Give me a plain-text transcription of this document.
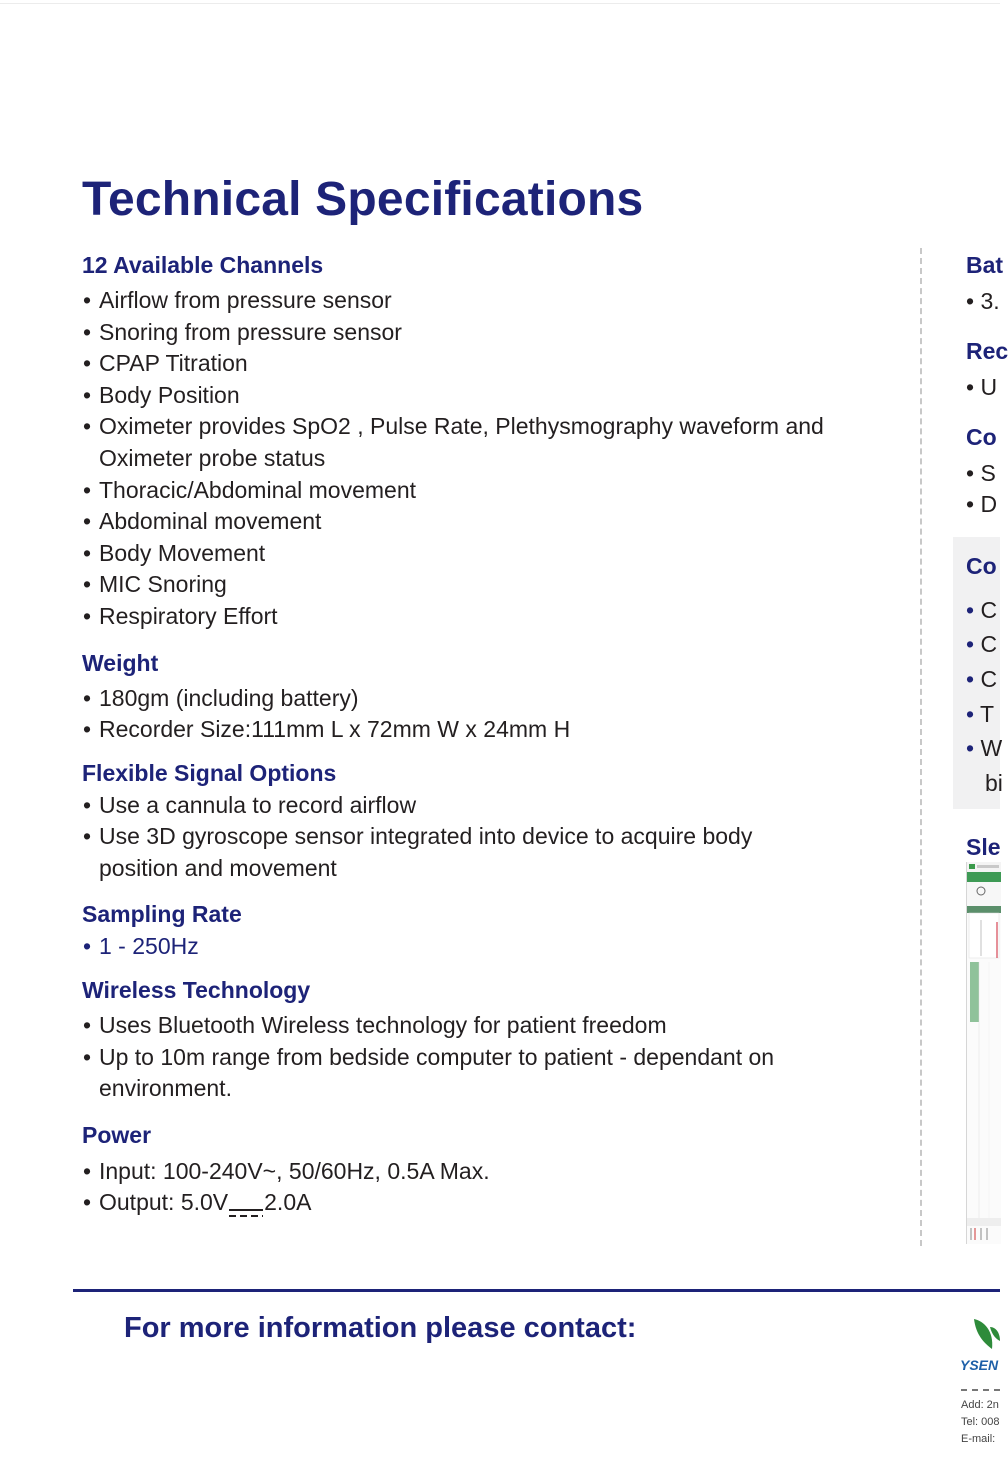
Technical Specifications
12 Available Channels
• Airflow from pressure sensor
• Snoring from pressure sensor
• CPAP Titration
• Body Position
• Oximeter provides SpO2 , Pulse Rate, Plethysmography waveform and Oximeter probe status
• Thoracic/Abdominal movement
• Abdominal movement
• Body Movement
• MIC Snoring
• Respiratory Effort
Weight
• 180gm (including battery)
• Recorder Size:111mm L x 72mm W x 24mm H
Flexible Signal Options
• Use a cannula to record airflow
• Use 3D gyroscope sensor integrated into device to acquire body position and movement
Sampling Rate
• 1 - 250Hz
Wireless Technology
• Uses Bluetooth Wireless technology for patient freedom
• Up to 10m range from bedside computer to patient - dependant on environment.
Power
• Input: 100-240V~, 50/60Hz, 0.5A Max.
• Output: 5.0V 2.0A
Bat
• 3.
Rec
• U
Co
• S
• D
Co
• C
• C
• C
• T
• W
bi
Sle
For more information please contact:
YSEN
Add: 2n
Tel: 008
E-mail:
